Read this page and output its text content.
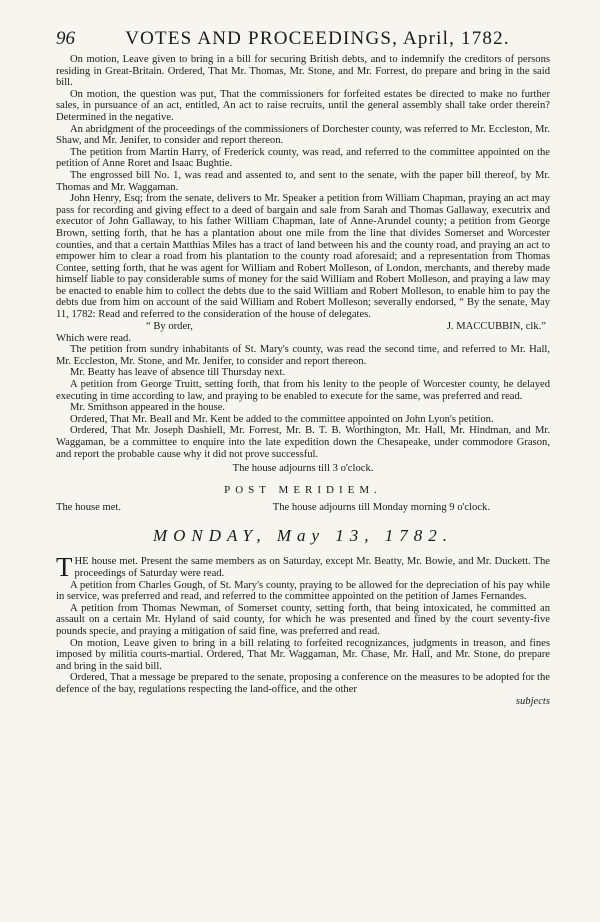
96	VOTES AND PROCEEDINGS, April, 1782.

On motion, Leave given to bring in a bill for securing British debts, and to indemnify the creditors of persons residing in Great-Britain. Ordered, That Mr. Thomas, Mr. Stone, and Mr. Forrest, do prepare and bring in the said bill.

On motion, the question was put, That the commissioners for forfeited estates be directed to make no further sales, in pursuance of an act, entitled, An act to raise recruits, until the general assembly shall take order therein? Determined in the negative.

An abridgment of the proceedings of the commissioners of Dorchester county, was referred to Mr. Eccleston, Mr. Shaw, and Mr. Jenifer, to consider and report thereon.

The petition from Martin Harry, of Frederick county, was read, and referred to the committee appointed on the petition of Anne Roret and Isaac Bughtie.

The engrossed bill No. 1, was read and assented to, and sent to the senate, with the paper bill thereof, by Mr. Thomas and Mr. Waggaman.

John Henry, Esq; from the senate, delivers to Mr. Speaker a petition from William Chapman, praying an act may pass for recording and giving effect to a deed of bargain and sale from Sarah and Thomas Gallaway, executrix and executor of John Gallaway, to his father William Chapman, late of Anne-Arundel county; a petition from George Brown, setting forth, that he has a plantation about one mile from the line that divides Somerset and Worcester counties, and that a certain Matthias Miles has a tract of land between his and the county road, and praying an act to empower him to clear a road from his plantation to the county road aforesaid; and a representation from Thomas Contee, setting forth, that he was agent for William and Robert Molleson, of London, merchants, and thereby made himself liable to pay considerable sums of money for the said William and Robert Molleson, and praying a law may be enacted to enable him to collect the debts due to the said William and Robert Molleson, to enable him to pay the debts due from him on account of the said William and Robert Molleson; severally endorsed, “ By the senate, May 11, 1782: Read and referred to the consideration of the house of delegates.

“ By order,	J. MACCUBBIN, clk.”

Which were read.

The petition from sundry inhabitants of St. Mary's county, was read the second time, and referred to Mr. Hall, Mr. Eccleston, Mr. Stone, and Mr. Jenifer, to consider and report thereon.

Mr. Beatty has leave of absence till Thursday next.

A petition from George Truitt, setting forth, that from his lenity to the people of Worcester county, he delayed executing in time according to law, and praying to be enabled to execute for the same, was preferred and read.

Mr. Smithson appeared in the house.

Ordered, That Mr. Beall and Mr. Kent be added to the committee appointed on John Lyon's petition.

Ordered, That Mr. Joseph Dashiell, Mr. Forrest, Mr. B. T. B. Worthington, Mr. Hall, Mr. Hindman, and Mr. Waggaman, be a committee to enquire into the late expedition down the Chesapeake, under commodore Grason, and report the probable cause why it did not prove successful.

The house adjourns till 3 o'clock.

POST MERIDIEM.

The house met.	The house adjourns till Monday morning 9 o'clock.
MONDAY, May 13, 1782.

THE house met. Present the same members as on Saturday, except Mr. Beatty, Mr. Bowie, and Mr. Duckett. The proceedings of Saturday were read.

A petition from Charles Gough, of St. Mary's county, praying to be allowed for the depreciation of his pay while in service, was preferred and read, and referred to the committee appointed on the petition of James Fernandes.

A petition from Thomas Newman, of Somerset county, setting forth, that being intoxicated, he committed an assault on a certain Mr. Hyland of said county, for which he was presented and fined by the court seventy-five pounds specie, and praying a mitigation of said fine, was preferred and read.

On motion, Leave given to bring in a bill relating to forfeited recognizances, judgments in treason, and fines imposed by militia courts-martial. Ordered, That Mr. Waggaman, Mr. Chase, Mr. Hall, and Mr. Stone, do prepare and bring in the said bill.

Ordered, That a message be prepared to the senate, proposing a conference on the measures to be adopted for the defence of the bay, regulations respecting the land-office, and the other

subjects
